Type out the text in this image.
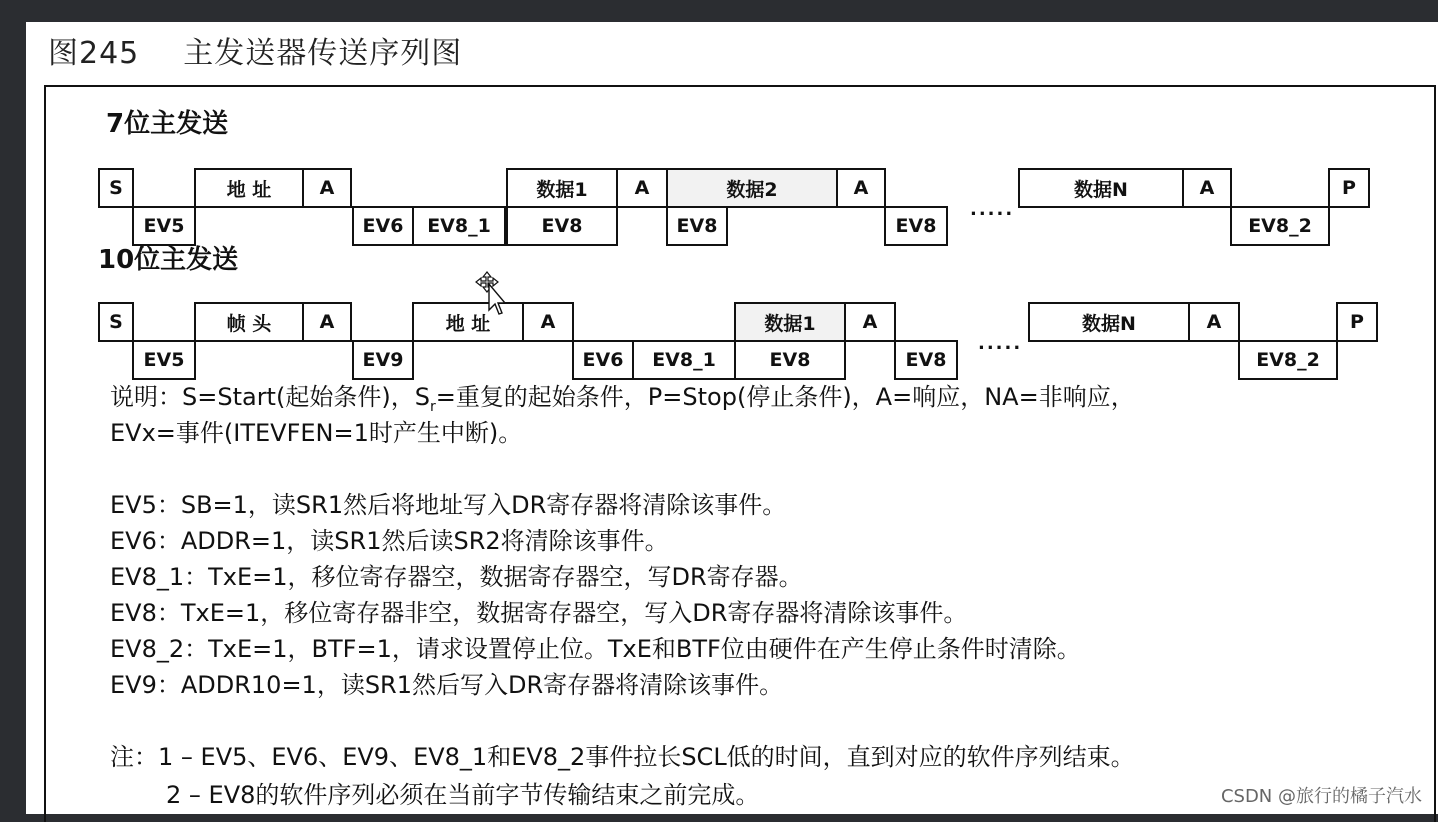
图245 主发送器传送序列图
7位主发送
S
EV5
地 址	A
EV6	EV8_1
数据1
EV8
A
EV8
数据2	A
EV8
.....
数据N	A
EV8_2
P
10位主发送
S
EV5
帧 头	A
EV9
地 址	A
EV6	EV8_1
数据1
EV8
A
EV8
.....
数据N	A
EV8_2
P
说明：S=Start(起始条件)，$S_r=$重复的起始条件，P=Stop(停止条件)，A=响应，NA=非响应，
EVx=事件(ITEVFEN=1时产生中断)。
EV5：SB=1，读SR1然后将地址写入DR寄存器将清除该事件。
EV6：ADDR=1，读SR1然后读SR2将清除该事件。
EV8_1：TxE=1，移位寄存器空，数据寄存器空，写DR寄存器。
EV8：TxE=1，移位寄存器非空，数据寄存器空，写入DR寄存器将清除该事件。
EV8_2：TxE=1，BTF=1，请求设置停止位。TxE和BTF位由硬件在产生停止条件时清除。
EV9：ADDR10=1，读SR1然后写入DR寄存器将清除该事件。
注：1 – EV5、EV6、EV9、EV8_1和EV8_2事件拉长SCL低的时间，直到对应的软件序列结束。
2 – EV8的软件序列必须在当前字节传输结束之前完成。	CSDN @旅行的橘子汽水
